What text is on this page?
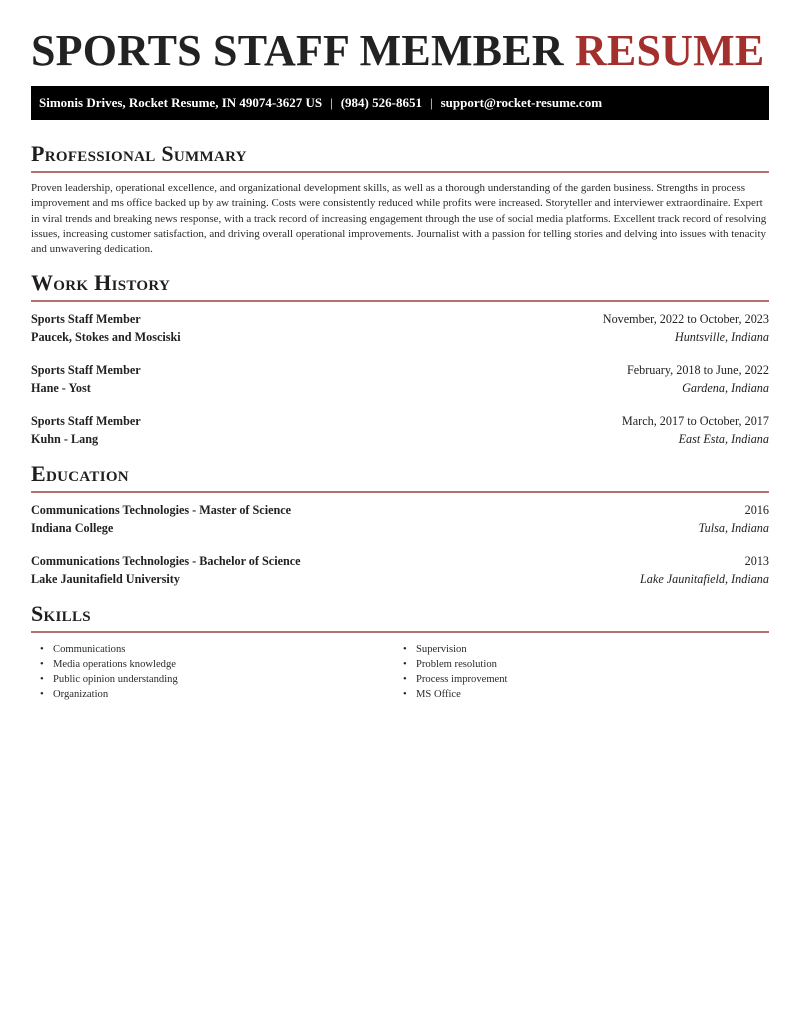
SPORTS STAFF MEMBER RESUME
Simonis Drives, Rocket Resume, IN 49074-3627 US | (984) 526-8651 | support@rocket-resume.com
Professional Summary

Proven leadership, operational excellence, and organizational development skills, as well as a thorough understanding of the garden business. Strengths in process improvement and ms office backed up by aw training. Costs were consistently reduced while profits were increased. Storyteller and interviewer extraordinaire. Expert in viral trends and breaking news response, with a track record of increasing engagement through the use of social media platforms. Excellent track record of resolving issues, increasing customer satisfaction, and driving overall operational improvements. Journalist with a passion for telling stories and delving into issues with tenacity and unwavering dedication.

Work History
Sports Staff Member	November, 2022 to October, 2023
Paucek, Stokes and Mosciski	Huntsville, Indiana
Sports Staff Member	February, 2018 to June, 2022
Hane - Yost	Gardena, Indiana
Sports Staff Member	March, 2017 to October, 2017
Kuhn - Lang	East Esta, Indiana
Education
Communications Technologies - Master of Science	2016
Indiana College	Tulsa, Indiana
Communications Technologies - Bachelor of Science	2013
Lake Jaunitafield University	Lake Jaunitafield, Indiana
Skills
• Communications
• Media operations knowledge
• Public opinion understanding
• Organization
• Supervision
• Problem resolution
• Process improvement
• MS Office
